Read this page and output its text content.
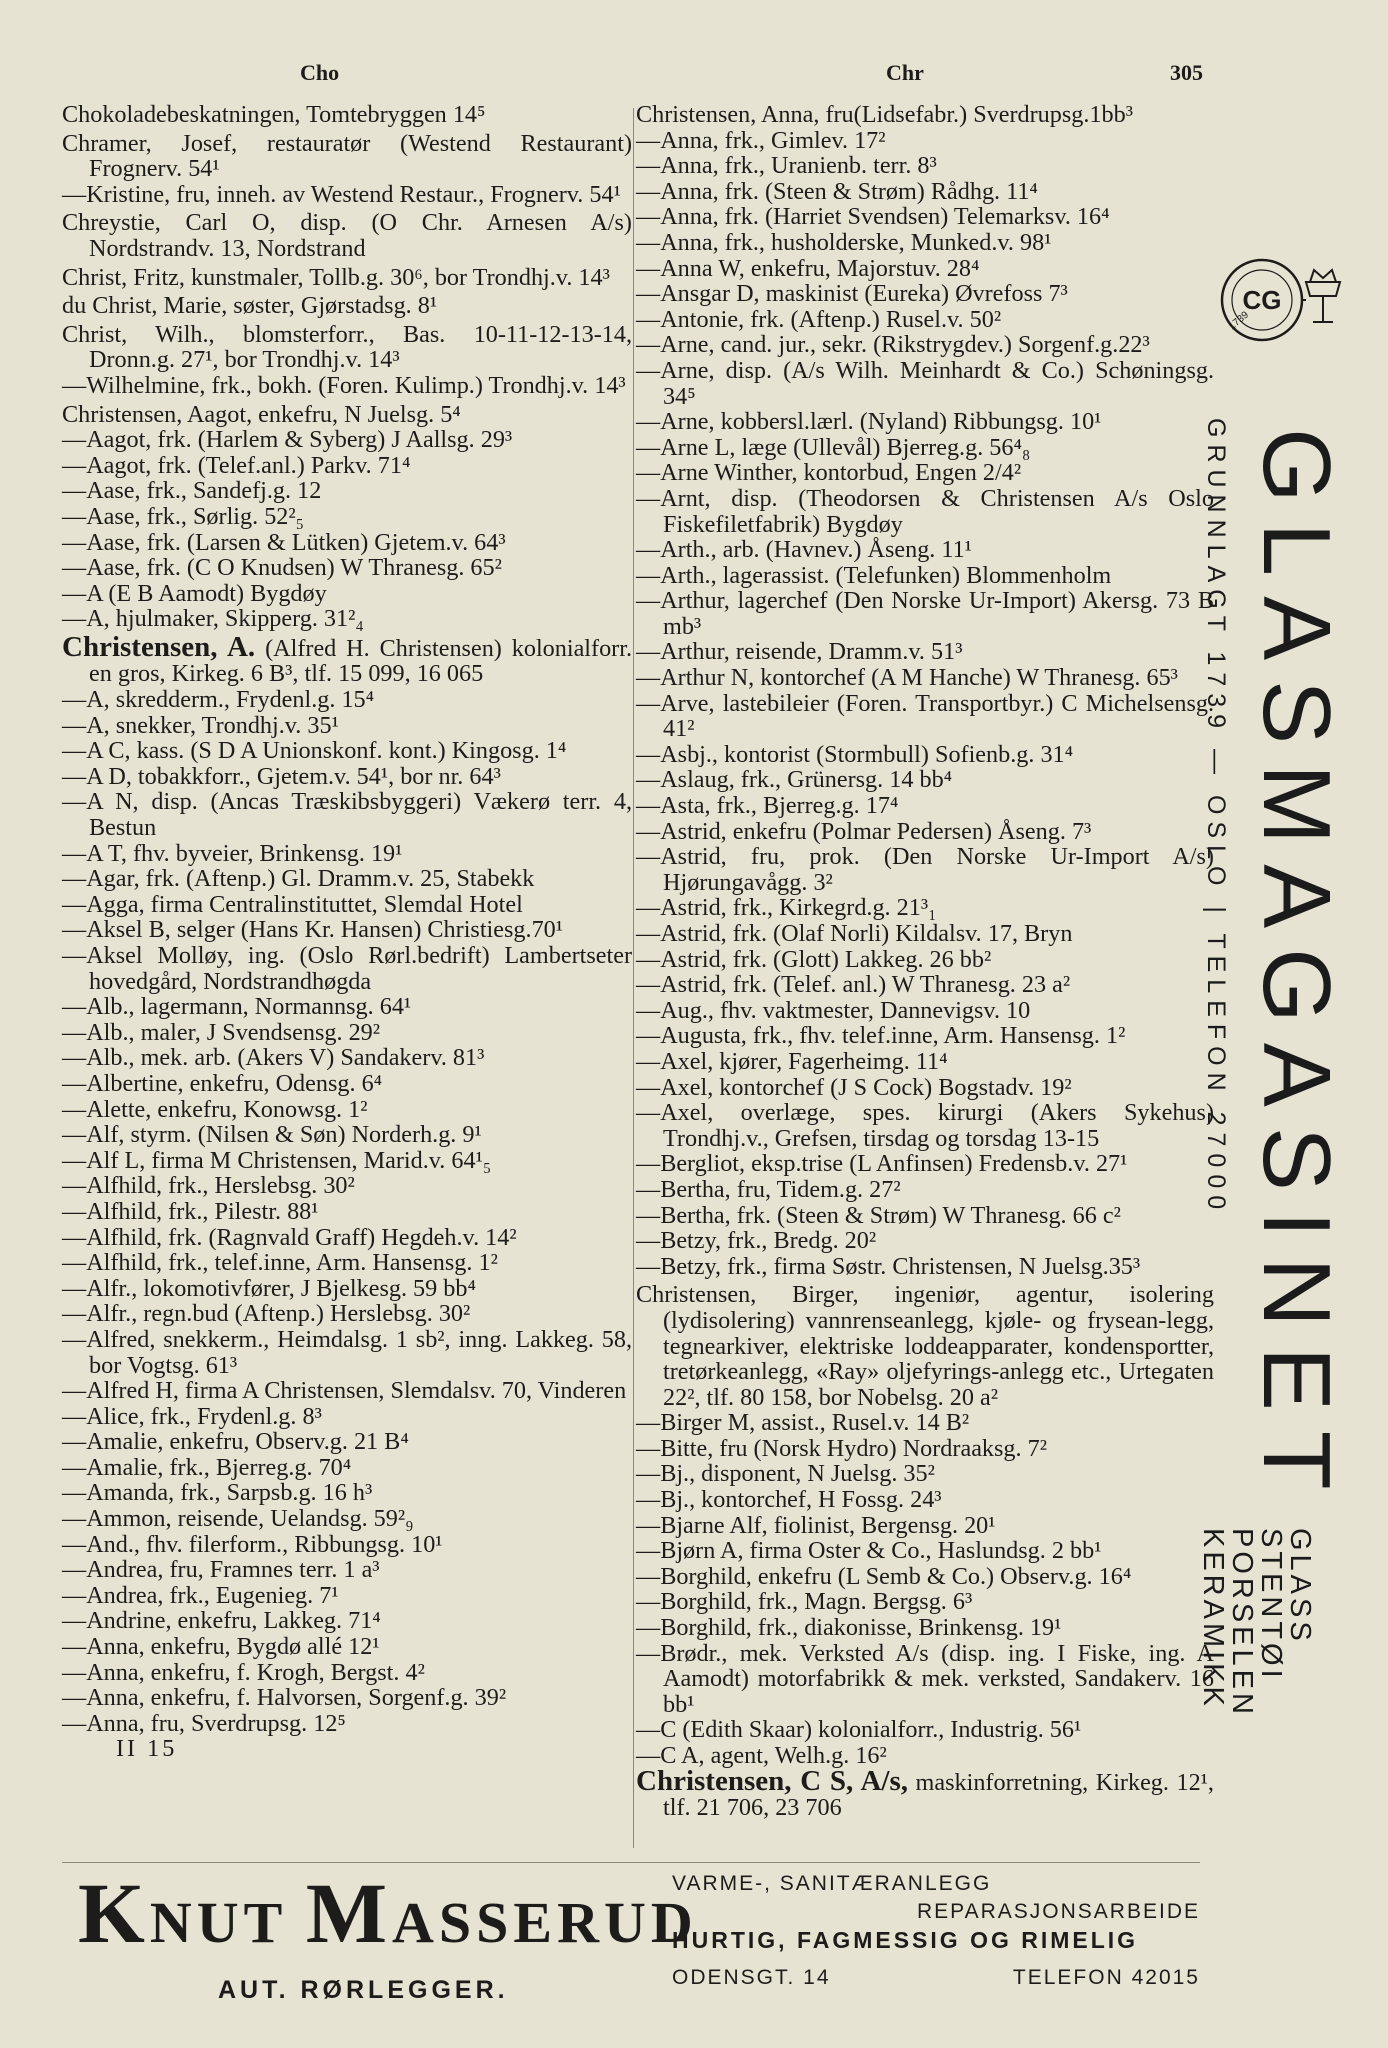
Cho	Chr	305

Chokoladebeskatningen, Tomtebryggen 14⁵

Chramer, Josef, restauratør (Westend Restaurant) Frognerv. 54¹

—Kristine, fru, inneh. av Westend Restaur., Frognerv. 54¹

Chreystie, Carl O, disp. (O Chr. Arnesen A/s) Nordstrandv. 13, Nordstrand

Christ, Fritz, kunstmaler, Tollb.g. 30⁶, bor Trondhj.v. 14³

du Christ, Marie, søster, Gjørstadsg. 8¹

Christ, Wilh., blomsterforr., Bas. 10-11-12-13-14, Dronn.g. 27¹, bor Trondhj.v. 14³

—Wilhelmine, frk., bokh. (Foren. Kulimp.) Trondhj.v. 14³

Christensen, Aagot, enkefru, N Juelsg. 5⁴

—Aagot, frk. (Harlem & Syberg) J Aallsg. 29³

—Aagot, frk. (Telef.anl.) Parkv. 71⁴

—Aase, frk., Sandefj.g. 12

—Aase, frk., Sørlig. 52²₅

—Aase, frk. (Larsen & Lütken) Gjetem.v. 64³

—Aase, frk. (C O Knudsen) W Thranesg. 65²

—A (E B Aamodt) Bygdøy

—A, hjulmaker, Skipperg. 31²₄

Christensen, A. (Alfred H. Christensen) kolonialforr. en gros, Kirkeg. 6 B³, tlf. 15 099, 16 065

—A, skredderm., Frydenl.g. 15⁴

—A, snekker, Trondhj.v. 35¹

—A C, kass. (S D A Unionskonf. kont.) Kingosg. 1⁴

—A D, tobakkforr., Gjetem.v. 54¹, bor nr. 64³

—A N, disp. (Ancas Træskibsbyggeri) Vækerø terr. 4, Bestun

—A T, fhv. byveier, Brinkensg. 19¹

—Agar, frk. (Aftenp.) Gl. Dramm.v. 25, Stabekk

—Agga, firma Centralinstituttet, Slemdal Hotel

—Aksel B, selger (Hans Kr. Hansen) Christiesg.70¹

—Aksel Molløy, ing. (Oslo Rørl.bedrift) Lambertseter hovedgård, Nordstrandhøgda

—Alb., lagermann, Normannsg. 64¹

—Alb., maler, J Svendsensg. 29²

—Alb., mek. arb. (Akers V) Sandakerv. 81³

—Albertine, enkefru, Odensg. 6⁴

—Alette, enkefru, Konowsg. 1²

—Alf, styrm. (Nilsen & Søn) Norderh.g. 9¹

—Alf L, firma M Christensen, Marid.v. 64¹₅

—Alfhild, frk., Herslebsg. 30²

—Alfhild, frk., Pilestr. 88¹

—Alfhild, frk. (Ragnvald Graff) Hegdeh.v. 14²

—Alfhild, frk., telef.inne, Arm. Hansensg. 1²

—Alfr., lokomotivfører, J Bjelkesg. 59 bb⁴

—Alfr., regn.bud (Aftenp.) Herslebsg. 30²

—Alfred, snekkerm., Heimdalsg. 1 sb², inng. Lakkeg. 58, bor Vogtsg. 61³

—Alfred H, firma A Christensen, Slemdalsv. 70, Vinderen

—Alice, frk., Frydenl.g. 8³

—Amalie, enkefru, Observ.g. 21 B⁴

—Amalie, frk., Bjerreg.g. 70⁴

—Amanda, frk., Sarpsb.g. 16 h³

—Ammon, reisende, Uelandsg. 59²₉

—And., fhv. filerform., Ribbungsg. 10¹

—Andrea, fru, Framnes terr. 1 a³

—Andrea, frk., Eugenieg. 7¹

—Andrine, enkefru, Lakkeg. 71⁴

—Anna, enkefru, Bygdø allé 12¹

—Anna, enkefru, f. Krogh, Bergst. 4²

—Anna, enkefru, f. Halvorsen, Sorgenf.g. 39²

—Anna, fru, Sverdrupsg. 12⁵

II 15

Christensen, Anna, fru(Lidsefabr.) Sverdrupsg.1bb³

—Anna, frk., Gimlev. 17²

—Anna, frk., Uranienb. terr. 8³

—Anna, frk. (Steen & Strøm) Rådhg. 11⁴

—Anna, frk. (Harriet Svendsen) Telemarksv. 16⁴

—Anna, frk., husholderske, Munked.v. 98¹

—Anna W, enkefru, Majorstuv. 28⁴

—Ansgar D, maskinist (Eureka) Øvrefoss 7³

—Antonie, frk. (Aftenp.) Rusel.v. 50²

—Arne, cand. jur., sekr. (Rikstrygdev.) Sorgenf.g.22³

—Arne, disp. (A/s Wilh. Meinhardt & Co.) Schøningsg. 34⁵

—Arne, kobbersl.lærl. (Nyland) Ribbungsg. 10¹

—Arne L, læge (Ullevål) Bjerreg.g. 56⁴₈

—Arne Winther, kontorbud, Engen 2/4²

—Arnt, disp. (Theodorsen & Christensen A/s Oslo Fiskefiletfabrik) Bygdøy

—Arth., arb. (Havnev.) Åseng. 11¹

—Arth., lagerassist. (Telefunken) Blommenholm

—Arthur, lagerchef (Den Norske Ur-Import) Akersg. 73 B mb³

—Arthur, reisende, Dramm.v. 51³

—Arthur N, kontorchef (A M Hanche) W Thranesg. 65³

—Arve, lastebileier (Foren. Transportbyr.) C Michelsensg. 41²

—Asbj., kontorist (Stormbull) Sofienb.g. 31⁴

—Aslaug, frk., Grünersg. 14 bb⁴

—Asta, frk., Bjerreg.g. 17⁴

—Astrid, enkefru (Polmar Pedersen) Åseng. 7³

—Astrid, fru, prok. (Den Norske Ur-Import A/s) Hjørungavågg. 3²

—Astrid, frk., Kirkegrd.g. 21³₁

—Astrid, frk. (Olaf Norli) Kildalsv. 17, Bryn

—Astrid, frk. (Glott) Lakkeg. 26 bb²

—Astrid, frk. (Telef. anl.) W Thranesg. 23 a²

—Aug., fhv. vaktmester, Dannevigsv. 10

—Augusta, frk., fhv. telef.inne, Arm. Hansensg. 1²

—Axel, kjører, Fagerheimg. 11⁴

—Axel, kontorchef (J S Cock) Bogstadv. 19²

—Axel, overlæge, spes. kirurgi (Akers Sykehus) Trondhj.v., Grefsen, tirsdag og torsdag 13-15

—Bergliot, eksp.trise (L Anfinsen) Fredensb.v. 27¹

—Bertha, fru, Tidem.g. 27²

—Bertha, frk. (Steen & Strøm) W Thranesg. 66 c²

—Betzy, frk., Bredg. 20²

—Betzy, frk., firma Søstr. Christensen, N Juelsg.35³

Christensen, Birger, ingeniør, agentur, isolering (lydisolering) vannrenseanlegg, kjøle- og frysean-legg, tegnearkiver, elektriske loddeapparater, kondensportter, tretørkeanlegg, «Ray» oljefyrings-anlegg etc., Urtegaten 22², tlf. 80 158, bor Nobelsg. 20 a²

—Birger M, assist., Rusel.v. 14 B²

—Bitte, fru (Norsk Hydro) Nordraaksg. 7²

—Bj., disponent, N Juelsg. 35²

—Bj., kontorchef, H Fossg. 24³

—Bjarne Alf, fiolinist, Bergensg. 20¹

—Bjørn A, firma Oster & Co., Haslundsg. 2 bb¹

—Borghild, enkefru (L Semb & Co.) Observ.g. 16⁴

—Borghild, frk., Magn. Bergsg. 6³

—Borghild, frk., diakonisse, Brinkensg. 19¹

—Brødr., mek. Verksted A/s (disp. ing. I Fiske, ing. A Aamodt) motorfabrikk & mek. verksted, Sandakerv. 16 bb¹

—C (Edith Skaar) kolonialforr., Industrig. 56¹

—C A, agent, Welh.g. 16²

Christensen, C S, A/s, maskinforretning, Kirkeg. 12¹, tlf. 21 706, 23 706

CG
1739
GRUNNLAGT 1739 — OSLO | TELEFON 27000 GLASMAGASINET
GLASS
STENTØI
PORSELEN
KERAMIKK
KNUT MASSERUD
AUT. RØRLEGGER.
VARME-, SANITÆRANLEGG
REPARASJONSARBEIDE
HURTIG, FAGMESSIG OG RIMELIG
ODENSGT. 14	TELEFON 42015
